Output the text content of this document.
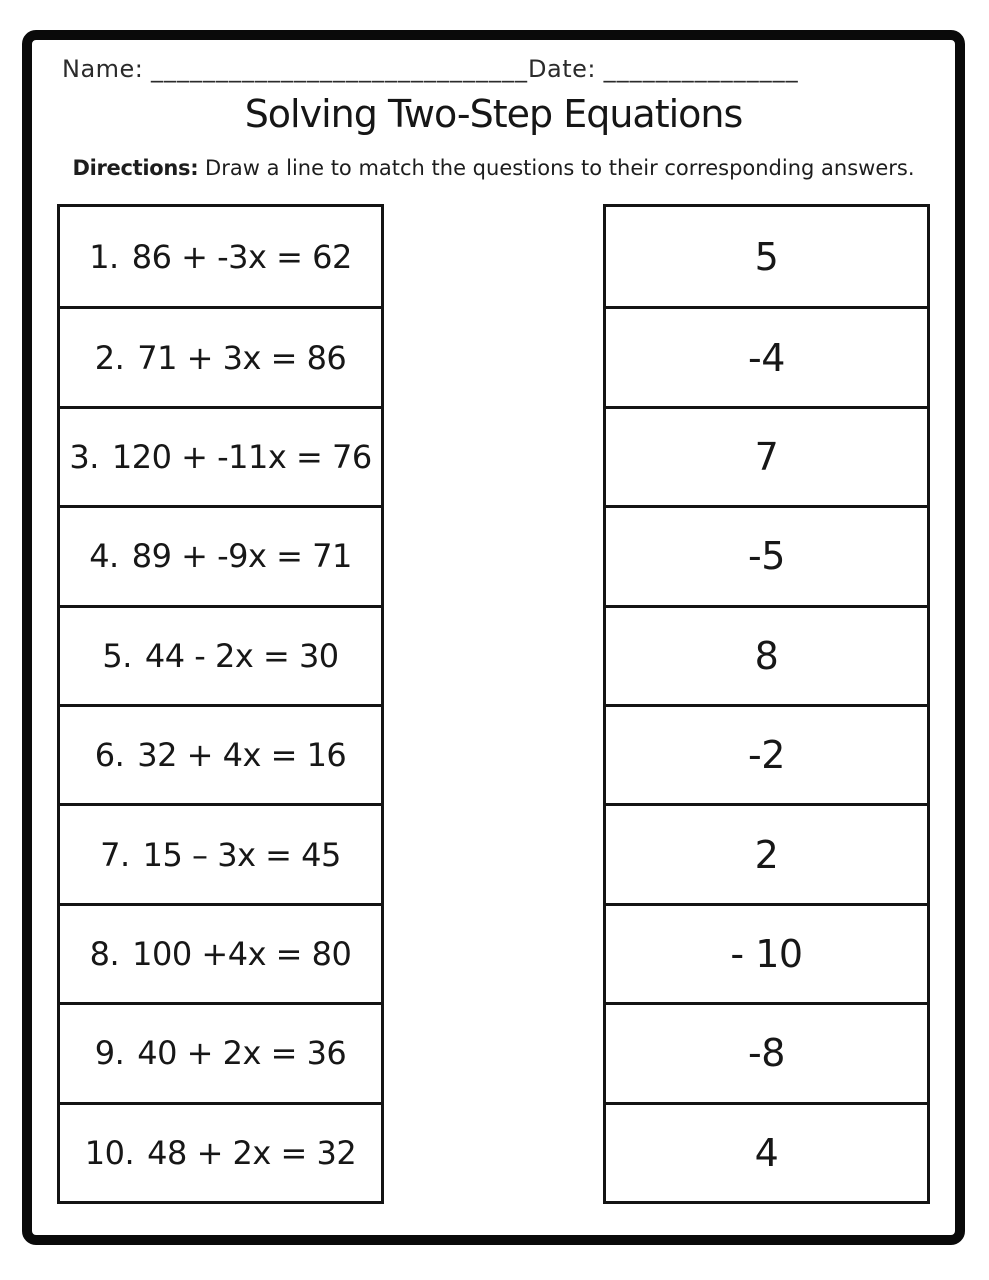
Name: _____________________________ Date: _______________
Solving Two-Step Equations
Directions: Draw a line to match the questions to their corresponding answers.
1. 86 + -3x = 62
2. 71 + 3x = 86
3. 120 + -11x = 76
4. 89 + -9x = 71
5. 44 - 2x = 30
6. 32 + 4x = 16
7. 15 – 3x = 45
8. 100 +4x = 80
9. 40 + 2x = 36
10. 48 + 2x = 32
5
-4
7
-5
8
-2
2
- 10
-8
4
